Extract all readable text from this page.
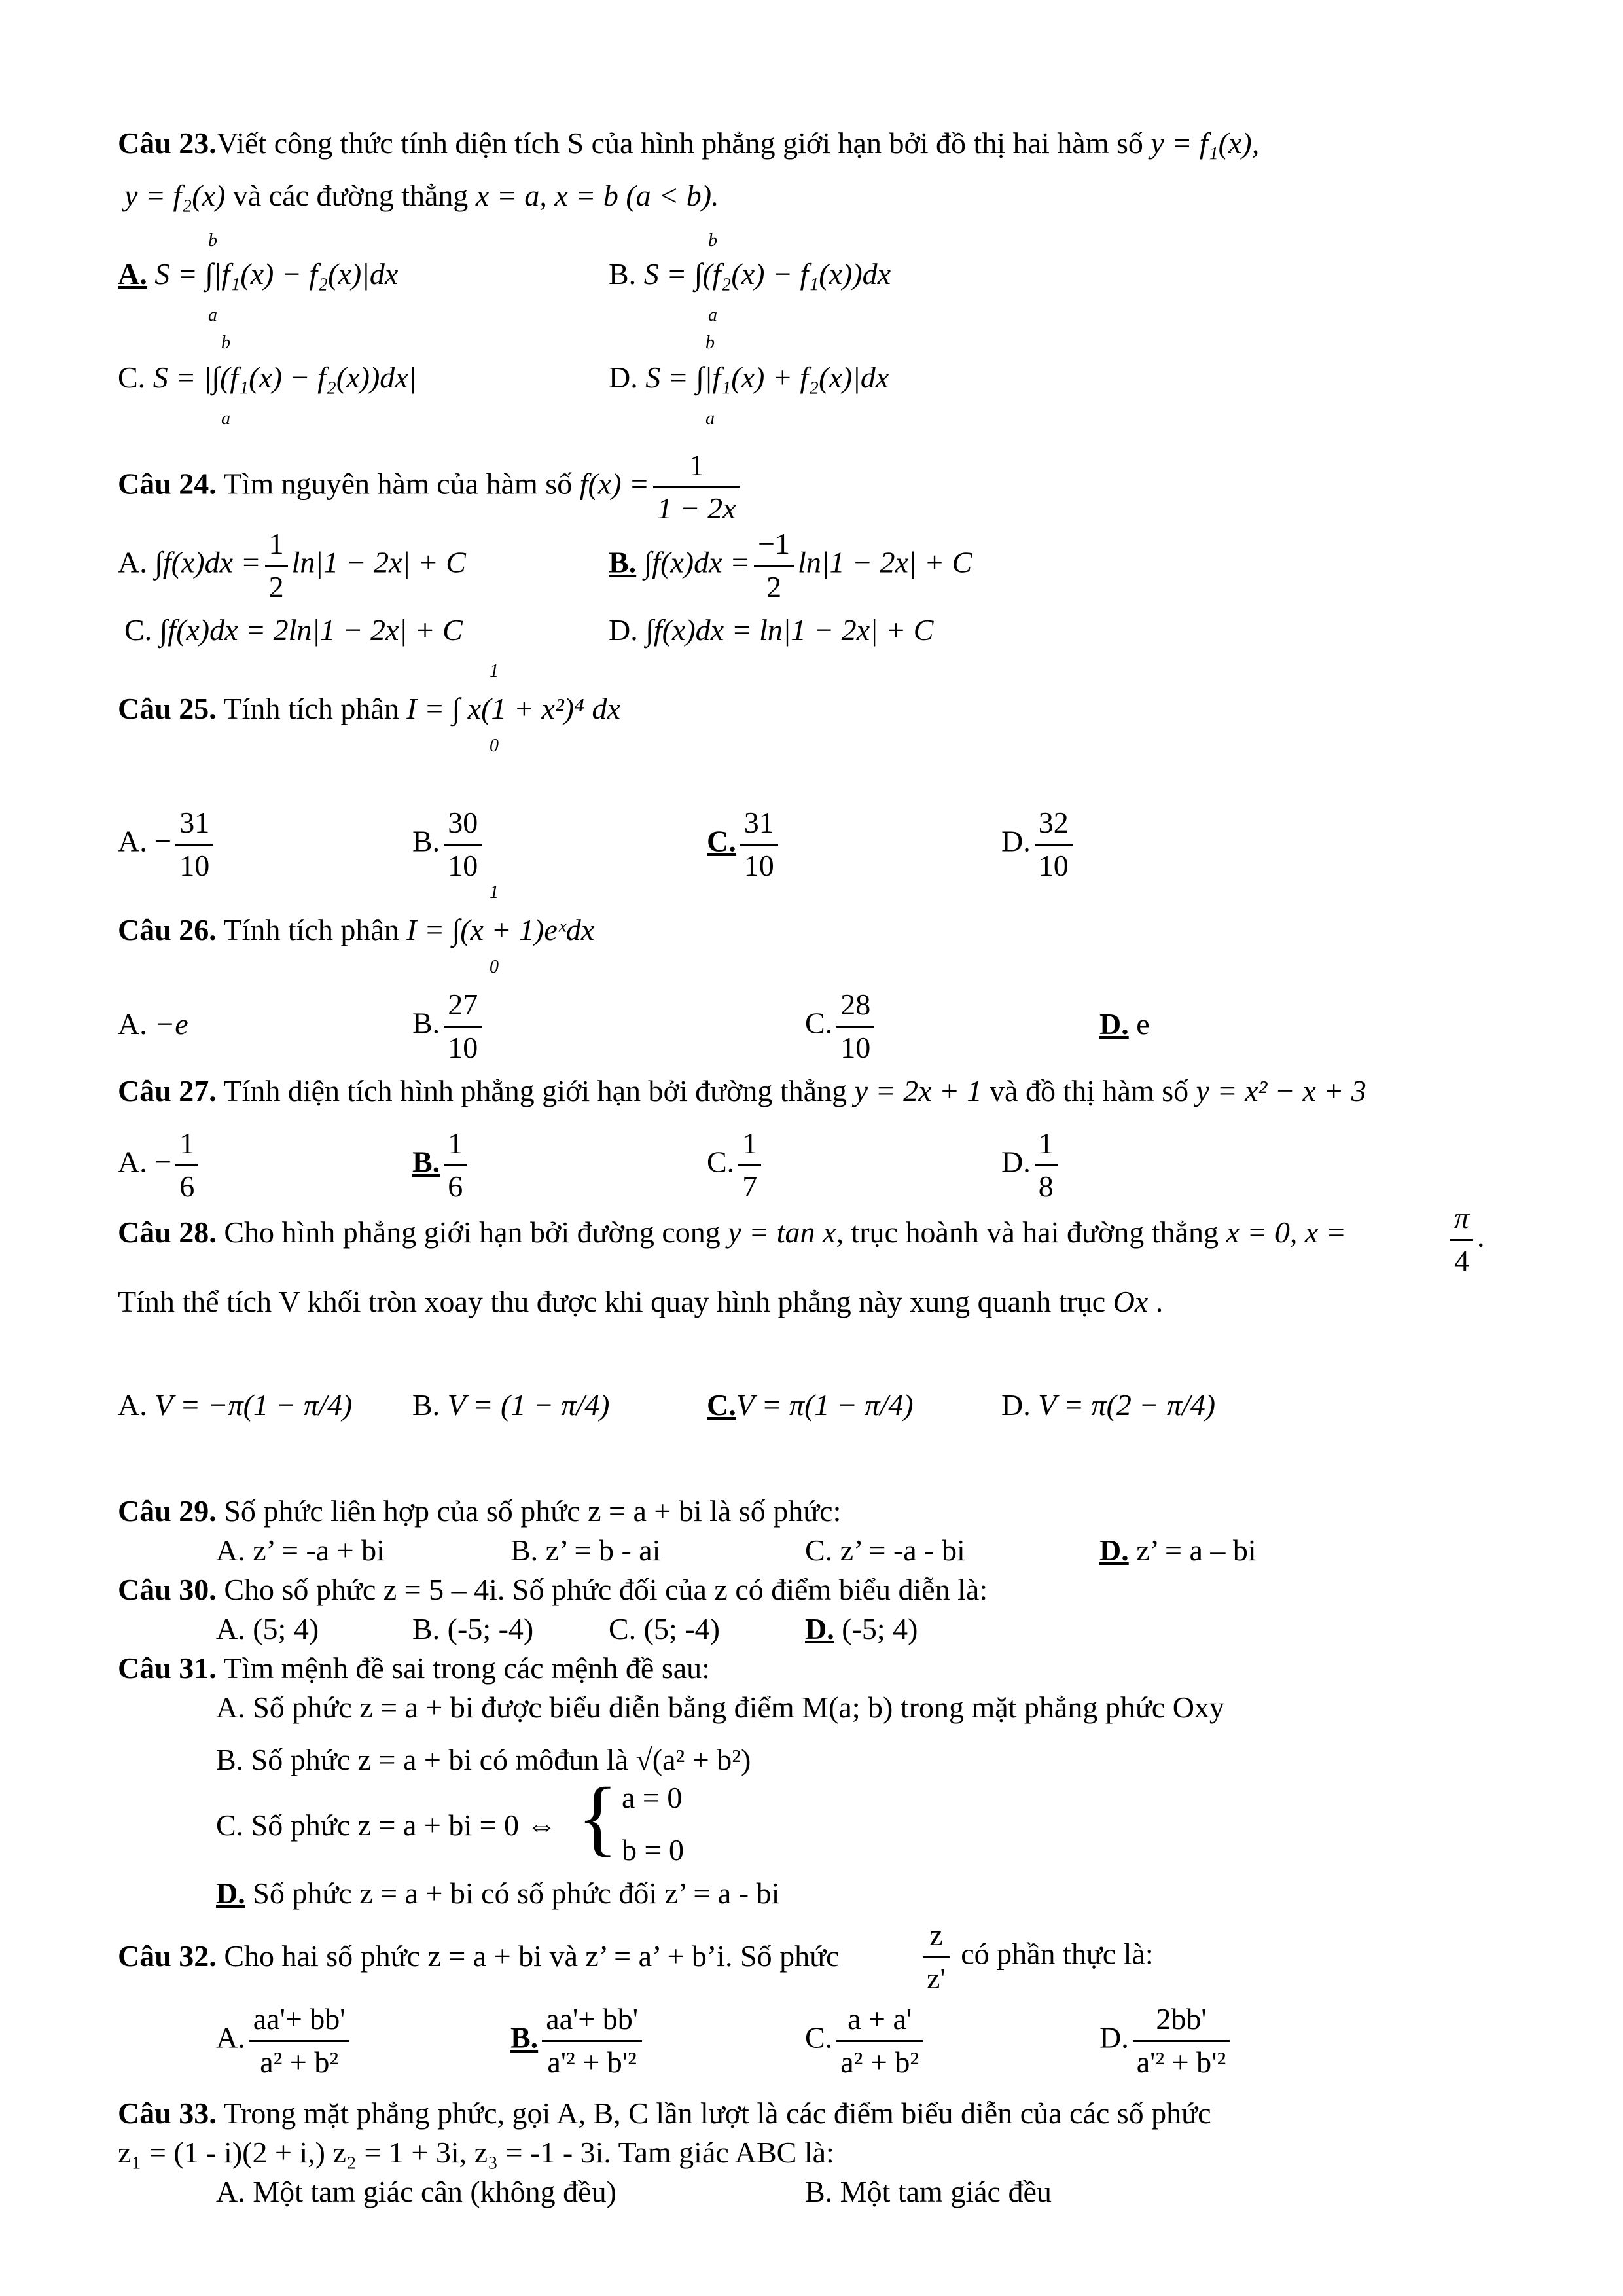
Câu 23.Viết công thức tính diện tích S của hình phẳng giới hạn bởi đồ thị hai hàm số y = f₁(x),
y = f₂(x) và các đường thẳng x = a, x = b (a < b).
A. S = ∫|f₁(x) − f₂(x)|dx
b
a
B. S = ∫(f₂(x) − f₁(x))dx
b
a
C. S = |∫(f₁(x) − f₂(x))dx|
b
a
D. S = ∫|f₁(x) + f₂(x)|dx
b
a
Câu 24. Tìm nguyên hàm của hàm số $f(x) = \frac{1}{1 - 2x}$
A. $\int f(x)dx = \frac{1}{2} \ln|1 - 2x| + C$	B. $\int f(x)dx = \frac{-1}{2} \ln|1 - 2x| + C$
C. ∫f(x)dx = 2ln|1 − 2x| + C	D. ∫f(x)dx = ln|1 − 2x| + C
Câu 25. Tính tích phân I = ∫ x(1 + x²)⁴ dx
1
0
A. − $\frac{31}{10}$	B. $\frac{30}{10}$	C. $\frac{31}{10}$	D. $\frac{32}{10}$
Câu 26. Tính tích phân I = ∫(x + 1)eˣdx
1
0
A. −e	B. $\frac{27}{10}$	C. $\frac{28}{10}$	D. e
Câu 27. Tính diện tích hình phẳng giới hạn bởi đường thẳng y = 2x + 1 và đồ thị hàm số y = x² − x + 3
A. − $\frac{1}{6}$	B. $\frac{1}{6}$	C. $\frac{1}{7}$	D. $\frac{1}{8}$
Câu 28. Cho hình phẳng giới hạn bởi đường cong y = tan x, trục hoành và hai đường thẳng x = 0, x =	$\frac{\pi}{4}$ .
Tính thể tích V khối tròn xoay thu được khi quay hình phẳng này xung quanh trục Ox .
A. V = −π(1 − π/4) B. V = (1 − π/4)	C.V = π(1 − π/4)	D. V = π(2 − π/4)
Câu 29. Số phức liên hợp của số phức z = a + bi là số phức:
A. z’ = -a + bi	B. z’ = b - ai	C. z’ = -a - bi	D. z’ = a – bi
Câu 30. Cho số phức z = 5 – 4i. Số phức đối của z có điểm biểu diễn là:
A. (5; 4)	B. (-5; -4) C. (5; -4)	D. (-5; 4)
Câu 31. Tìm mệnh đề sai trong các mệnh đề sau:
A. Số phức z = a + bi được biểu diễn bằng điểm M(a; b) trong mặt phẳng phức Oxy
B. Số phức z = a + bi có môđun là √(a² + b²)
C. Số phức z = a + bi = 0 ⇔ { a = 0
b = 0
D. Số phức z = a + bi có số phức đối z’ = a - bi
Câu 32. Cho hai số phức z = a + bi và z’ = a’ + b’i. Số phức	$\frac{z}{z'}$ có phần thực là:
A. $\frac{aa'+ bb'}{\text{a² + b²}}$	B. $\frac{aa'+ bb'}{\text{a'² + b'²}}$	C. $\frac{a + a'}{\text{a² + b²}}$	D. $\frac{2bb'}{\text{a'² + b'²}}$
Câu 33. Trong mặt phẳng phức, gọi A, B, C lần lượt là các điểm biểu diễn của các số phức
z₁ = (1 - i)(2 + i,) z₂ = 1 + 3i, z₃ = -1 - 3i. Tam giác ABC là:
A. Một tam giác cân (không đều)	B. Một tam giác đều
